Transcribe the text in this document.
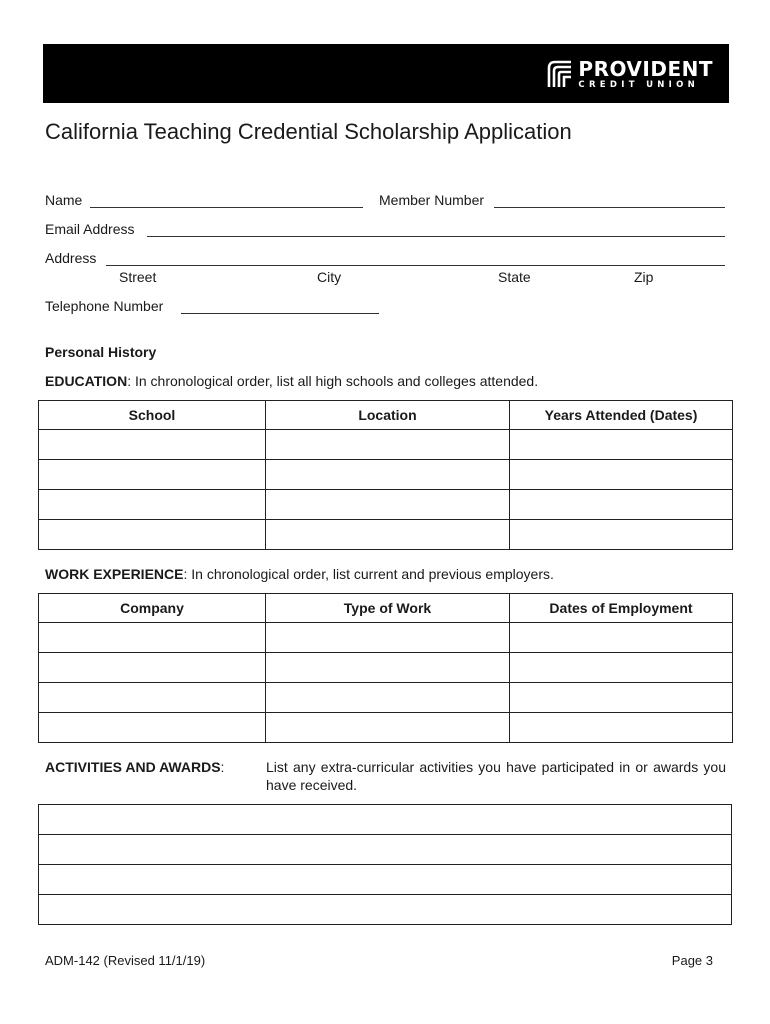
PROVIDENT
CREDIT UNION
California Teaching Credential Scholarship Application
Name	Member Number
Email Address
Address
Street	City	State	Zip
Telephone Number
Personal History
EDUCATION: In chronological order, list all high schools and colleges attended.
School	Location	Years Attended (Dates)

WORK EXPERIENCE: In chronological order, list current and previous employers.
Company	Type of Work	Dates of Employment

ACTIVITIES AND AWARDS:	List any extra-curricular activities you have participated in or awards you have received.

ADM-142 (Revised 11/1/19)	Page 3
